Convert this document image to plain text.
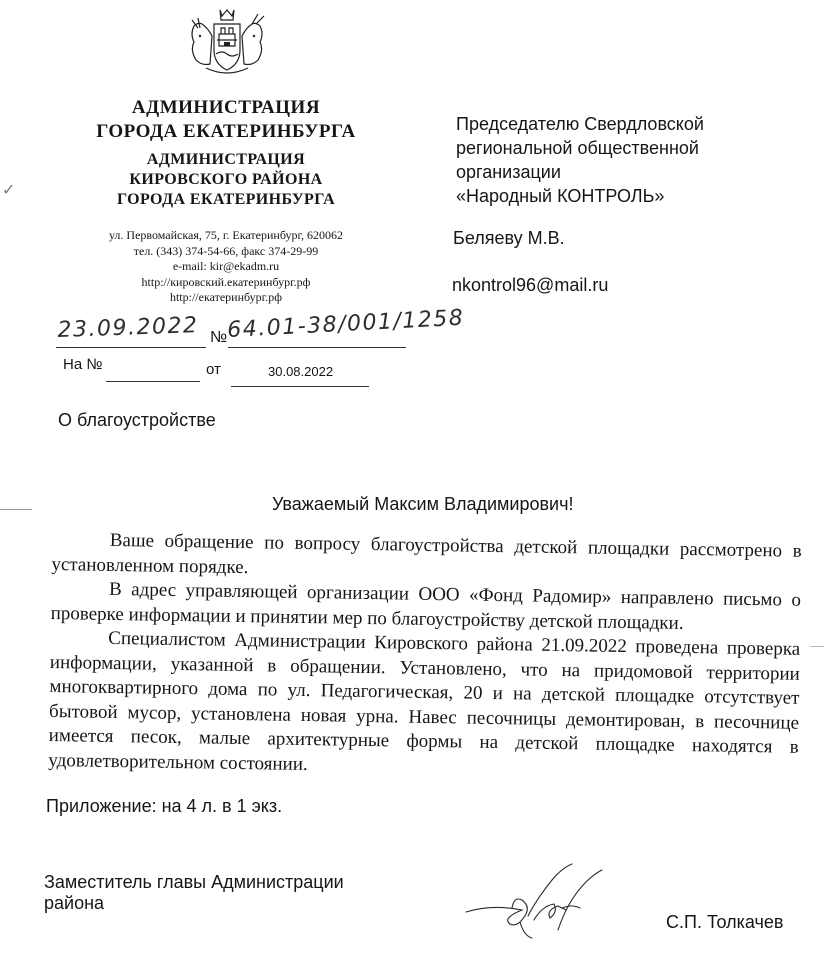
АДМИНИСТРАЦИЯ
ГОРОДА ЕКАТЕРИНБУРГА
АДМИНИСТРАЦИЯ
КИРОВСКОГО РАЙОНА
ГОРОДА ЕКАТЕРИНБУРГА
ул. Первомайская, 75, г. Екатеринбург, 620062
тел. (343) 374-54-66, факс 374-29-99
e-mail: kir@ekadm.ru
http://кировский.екатеринбург.рф
http://екатеринбург.рф
✓
Председателю Свердловской
региональной общественной
организации
«Народный КОНТРОЛЬ»
Беляеву М.В.
nkontrol96@mail.ru
23.09.2022 № 64.01-38/001/1258
На №	от	30.08.2022
О благоустройстве
Уважаемый Максим Владимирович!

Ваше обращение по вопросу благоустройства детской площадки рассмотрено в установленном порядке.

В адрес управляющей организации ООО «Фонд Радомир» направлено письмо о проверке информации и принятии мер по благоустройству детской площадки.

Специалистом Администрации Кировского района 21.09.2022 проведена проверка информации, указанной в обращении. Установлено, что на придомовой территории многоквартирного дома по ул. Педагогическая, 20 и на детской площадке отсутствует бытовой мусор, установлена новая урна. Навес песочницы демонтирован, в песочнице имеется песок, малые архитектурные формы на детской площадке находятся в удовлетворительном состоянии.

Приложение: на 4 л. в 1 экз.
Заместитель главы Администрации
района
С.П. Толкачев
